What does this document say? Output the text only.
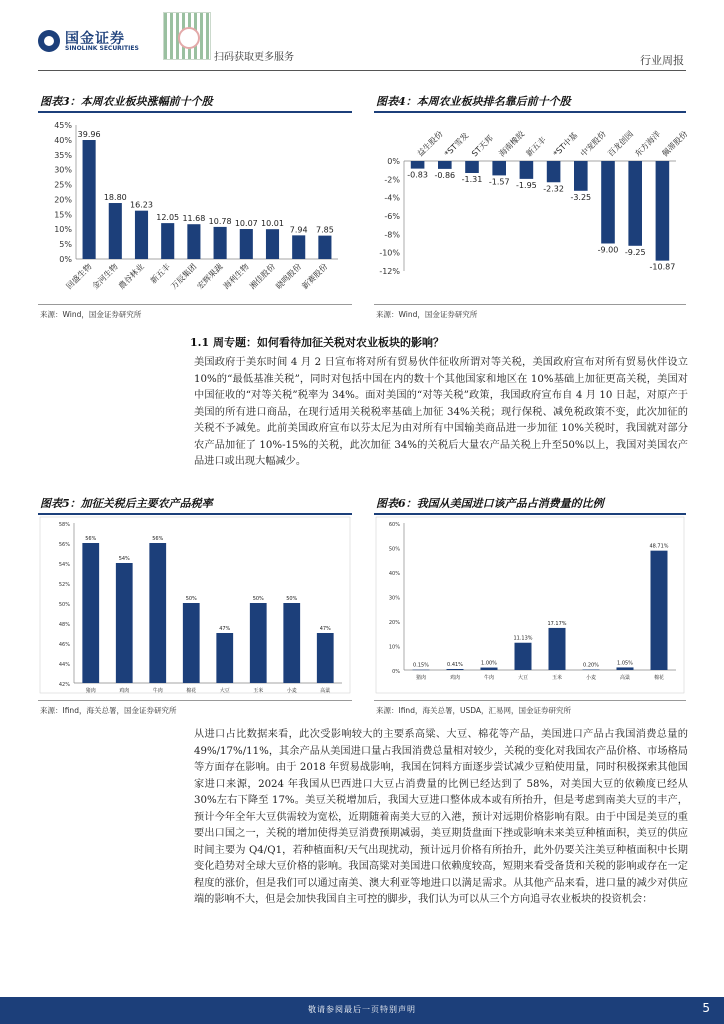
国金证券
SINOLINK SECURITIES
扫码获取更多服务	行业周报
图表3：本周农业板块涨幅前十个股
45%
40%
35%
30%
25%
20%
15%
10%
5%
0%
39.96
回盛生物
18.80
金河生物
16.23
農谷林业
12.05
新五丰
11.68
万辰集团
10.78
宏辉果蔬
10.07
海利生物
10.01
湘佳股份
7.94
晓鸣股份
7.85
新赛股份
来源：Wind，国金证券研究所
图表4：本周农业板块排名靠后前十个股
0%
-2%
-4%
-6%
-8%
-10%
-12%
-0.83
益生股份
-0.86
*ST雪发
-1.31
ST天邦
-1.57
海南橡胶
-1.95
新五丰
-2.32
*ST中基
-3.25
中宠股份
-9.00
百龙创园
-9.25
东方海洋
-10.87
佩蒂股份
来源：Wind，国金证券研究所
1.1 周专题：如何看待加征关税对农业板块的影响？
美国政府于美东时间 4 月 2 日宣布将对所有贸易伙伴征收所谓对等关税，美国政府宣布对所有贸易伙伴设立10%的“最低基准关税”，同时对包括中国在内的数十个其他国家和地区在 10%基础上加征更高关税，美国对中国征收的“对等关税”税率为 34%。面对美国的“对等关税”政策，我国政府宣布自 4 月 10 日起，对原产于美国的所有进口商品，在现行适用关税税率基础上加征 34%关税；现行保税、减免税政策不变，此次加征的关税不予减免。此前美国政府宣布以芬太尼为由对所有中国输美商品进一步加征 10%关税时，我国就对部分农产品加征了 10%-15%的关税，此次加征 34%的关税后大量农产品关税上升至50%以上，我国对美国农产品进口或出现大幅减少。
图表5：加征关税后主要农产品税率
58%
56%
54%
52%
50%
48%
46%
44%
42%
56%
猪肉
54%
鸡肉
56%
牛肉
50%
棉花
47%
大豆
50%
玉米
50%
小麦
47%
高粱
来源：Ifind，海关总署，国金证券研究所
图表6：我国从美国进口该产品占消费量的比例
60%
50%
40%
30%
20%
10%
0%
0.15%
猪肉
0.41%
鸡肉
1.00%
牛肉
11.13%
大豆
17.17%
玉米
0.20%
小麦
1.05%
高粱
48.71%
棉花
来源：Ifind，海关总署，USDA，汇易网，国金证券研究所
从进口占比数据来看，此次受影响较大的主要系高粱、大豆、棉花等产品，美国进口产品占我国消费总量的 49%/17%/11%，其余产品从美国进口量占我国消费总量相对较少，关税的变化对我国农产品价格、市场格局等方面存在影响。由于 2018 年贸易战影响，我国在饲料方面逐步尝试减少豆粕使用量，同时积极探索其他国家进口来源，2024 年我国从巴西进口大豆占消费量的比例已经达到了 58%，对美国大豆的依赖度已经从 30%左右下降至 17%。美豆关税增加后，我国大豆进口整体成本或有所抬升，但是考虑到南美大豆的丰产，预计今年全年大豆供需较为宽松，近期随着南美大豆的入港，预计对远期价格影响有限。由于中国是美豆的重要出口国之一，关税的增加使得美豆消费预期减弱，美豆期货盘面下挫或影响未来美豆种植面积，美豆的供应时间主要为 Q4/Q1，若种植面积/天气出现扰动，预计远月价格有所抬升，此外仍要关注美豆种植面积中长期变化趋势对全球大豆价格的影响。我国高粱对美国进口依赖度较高，短期来看受备货和关税的影响或存在一定程度的涨价，但是我们可以通过南美、澳大利亚等地进口以满足需求。从其他产品来看，进口量的减少对供应端的影响不大，但是会加快我国自主可控的脚步，我们认为可以从三个方向追寻农业板块的投资机会：
敬请参阅最后一页特别声明	5
